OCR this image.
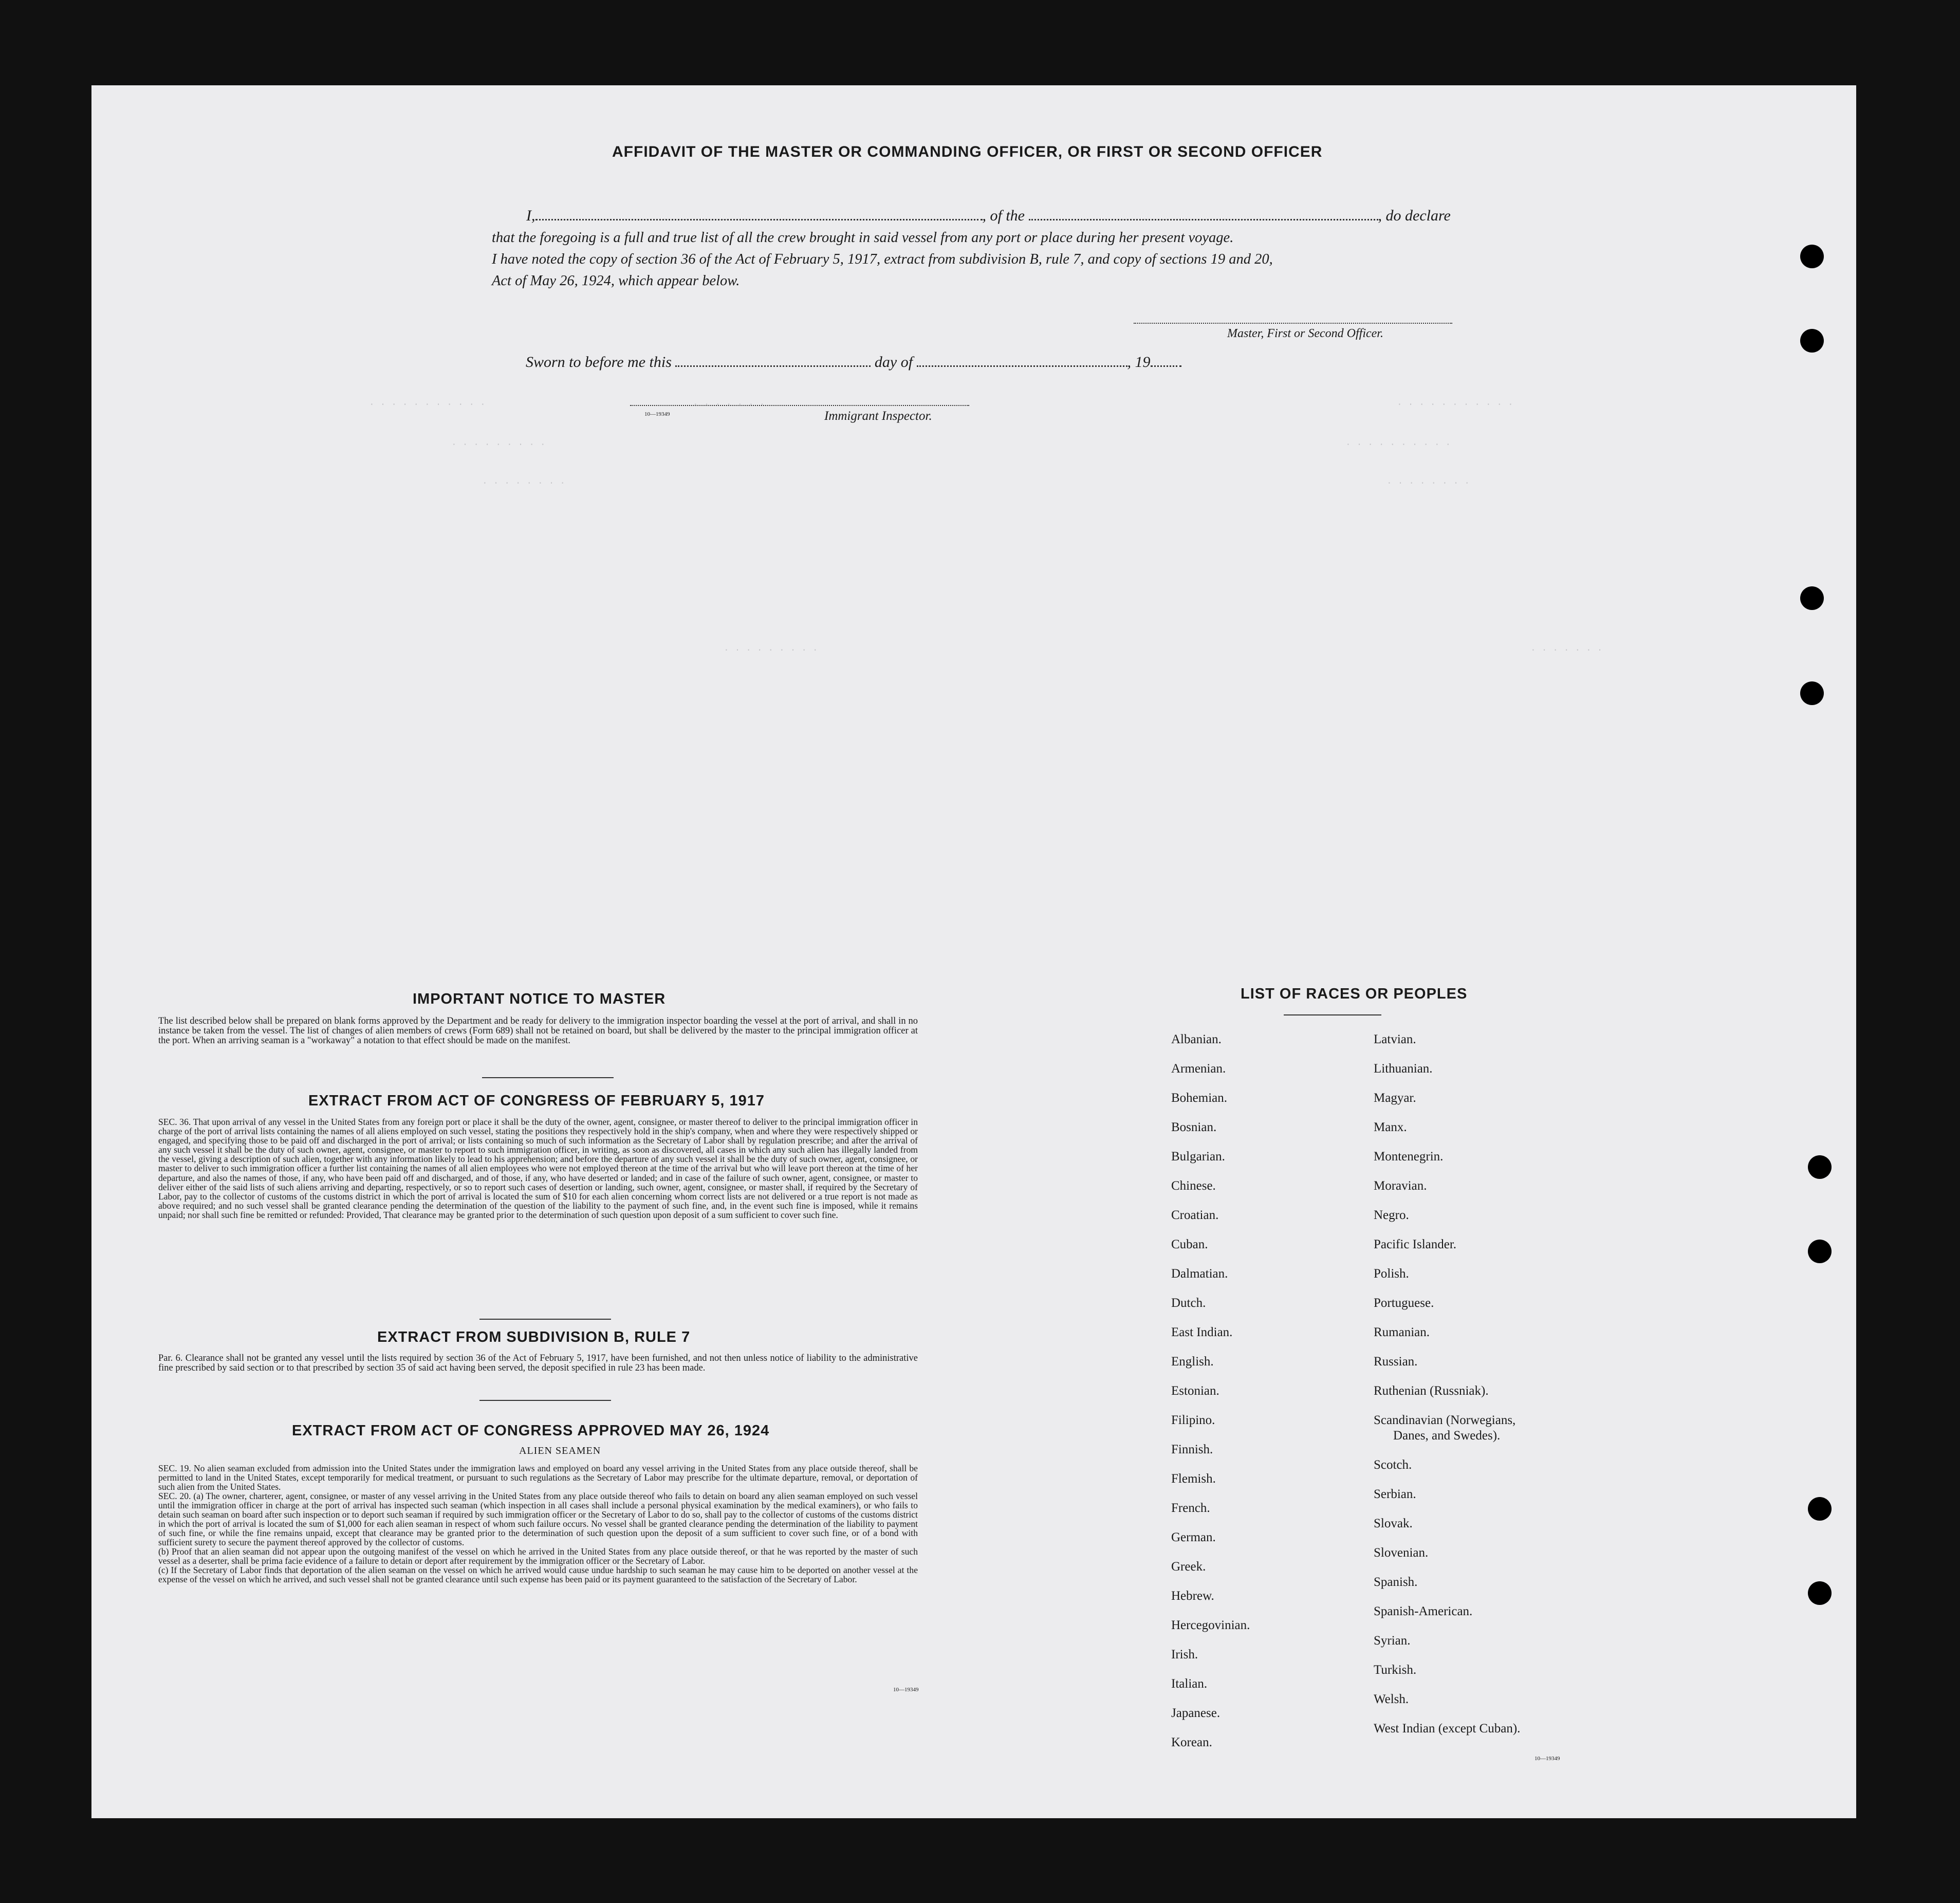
· · · · · · · · · · ·	· · · · · · ·	· · · · · · · · · · ·
· · · · · · · · ·	· · · · · · · · · ·
· · · · · · · ·	· · · · · · · ·
· · · · · · · · ·	· · · · · · ·
AFFIDAVIT OF THE MASTER OR COMMANDING OFFICER, OR FIRST OR SECOND OFFICER
I,	, of the	, do declare
that the foregoing is a full and true list of all the crew brought in said vessel from any port or place during her present voyage.
I have noted the copy of section 36 of the Act of February 5, 1917, extract from subdivision B, rule 7, and copy of sections 19 and 20,
Act of May 26, 1924, which appear below.
Master, First or Second Officer.
Sworn to before me this	day of	, 19
10—19349	Immigrant Inspector.
IMPORTANT NOTICE TO MASTER
The list described below shall be prepared on blank forms approved by the Department and be ready for delivery to the immigration inspector boarding the vessel at the port of arrival, and shall in no instance be taken from the vessel. The list of changes of alien members of crews (Form 689) shall not be retained on board, but shall be delivered by the master to the principal immigration officer at the port. When an arriving seaman is a "workaway" a notation to that effect should be made on the manifest.
EXTRACT FROM ACT OF CONGRESS OF FEBRUARY 5, 1917
SEC. 36. That upon arrival of any vessel in the United States from any foreign port or place it shall be the duty of the owner, agent, consignee, or master thereof to deliver to the principal immigration officer in charge of the port of arrival lists containing the names of all aliens employed on such vessel, stating the positions they respectively hold in the ship's company, when and where they were respectively shipped or engaged, and specifying those to be paid off and discharged in the port of arrival; or lists containing so much of such information as the Secretary of Labor shall by regulation prescribe; and after the arrival of any such vessel it shall be the duty of such owner, agent, consignee, or master to report to such immigration officer, in writing, as soon as discovered, all cases in which any such alien has illegally landed from the vessel, giving a description of such alien, together with any information likely to lead to his apprehension; and before the departure of any such vessel it shall be the duty of such owner, agent, consignee, or master to deliver to such immigration officer a further list containing the names of all alien employees who were not employed thereon at the time of the arrival but who will leave port thereon at the time of her departure, and also the names of those, if any, who have been paid off and discharged, and of those, if any, who have deserted or landed; and in case of the failure of such owner, agent, consignee, or master to deliver either of the said lists of such aliens arriving and departing, respectively, or so to report such cases of desertion or landing, such owner, agent, consignee, or master shall, if required by the Secretary of Labor, pay to the collector of customs of the customs district in which the port of arrival is located the sum of $10 for each alien concerning whom correct lists are not delivered or a true report is not made as above required; and no such vessel shall be granted clearance pending the determination of the question of the liability to the payment of such fine, and, in the event such fine is imposed, while it remains unpaid; nor shall such fine be remitted or refunded: Provided, That clearance may be granted prior to the determination of such question upon deposit of a sum sufficient to cover such fine.
EXTRACT FROM SUBDIVISION B, RULE 7
Par. 6. Clearance shall not be granted any vessel until the lists required by section 36 of the Act of February 5, 1917, have been furnished, and not then unless notice of liability to the administrative fine prescribed by said section or to that prescribed by section 35 of said act having been served, the deposit specified in rule 23 has been made.
EXTRACT FROM ACT OF CONGRESS APPROVED MAY 26, 1924
ALIEN SEAMEN
SEC. 19. No alien seaman excluded from admission into the United States under the immigration laws and employed on board any vessel arriving in the United States from any place outside thereof, shall be permitted to land in the United States, except temporarily for medical treatment, or pursuant to such regulations as the Secretary of Labor may prescribe for the ultimate departure, removal, or deportation of such alien from the United States.
SEC. 20. (a) The owner, charterer, agent, consignee, or master of any vessel arriving in the United States from any place outside thereof who fails to detain on board any alien seaman employed on such vessel until the immigration officer in charge at the port of arrival has inspected such seaman (which inspection in all cases shall include a personal physical examination by the medical examiners), or who fails to detain such seaman on board after such inspection or to deport such seaman if required by such immigration officer or the Secretary of Labor to do so, shall pay to the collector of customs of the customs district in which the port of arrival is located the sum of $1,000 for each alien seaman in respect of whom such failure occurs. No vessel shall be granted clearance pending the determination of the liability to payment of such fine, or while the fine remains unpaid, except that clearance may be granted prior to the determination of such question upon the deposit of a sum sufficient to cover such fine, or of a bond with sufficient surety to secure the payment thereof approved by the collector of customs.
(b) Proof that an alien seaman did not appear upon the outgoing manifest of the vessel on which he arrived in the United States from any place outside thereof, or that he was reported by the master of such vessel as a deserter, shall be prima facie evidence of a failure to detain or deport after requirement by the immigration officer or the Secretary of Labor.
(c) If the Secretary of Labor finds that deportation of the alien seaman on the vessel on which he arrived would cause undue hardship to such seaman he may cause him to be deported on another vessel at the expense of the vessel on which he arrived, and such vessel shall not be granted clearance until such expense has been paid or its payment guaranteed to the satisfaction of the Secretary of Labor.
10—19349
LIST OF RACES OR PEOPLES
Albanian.
Armenian.
Bohemian.
Bosnian.
Bulgarian.
Chinese.
Croatian.
Cuban.
Dalmatian.
Dutch.
East Indian.
English.
Estonian.
Filipino.
Finnish.
Flemish.
French.
German.
Greek.
Hebrew.
Hercegovinian.
Irish.
Italian.
Japanese.
Korean.
Latvian.
Lithuanian.
Magyar.
Manx.
Montenegrin.
Moravian.
Negro.
Pacific Islander.
Polish.
Portuguese.
Rumanian.
Russian.
Ruthenian (Russniak).
Scandinavian (Norwegians,
Danes, and Swedes).
Scotch.
Serbian.
Slovak.
Slovenian.
Spanish.
Spanish-American.
Syrian.
Turkish.
Welsh.
West Indian (except Cuban).
10—19349
